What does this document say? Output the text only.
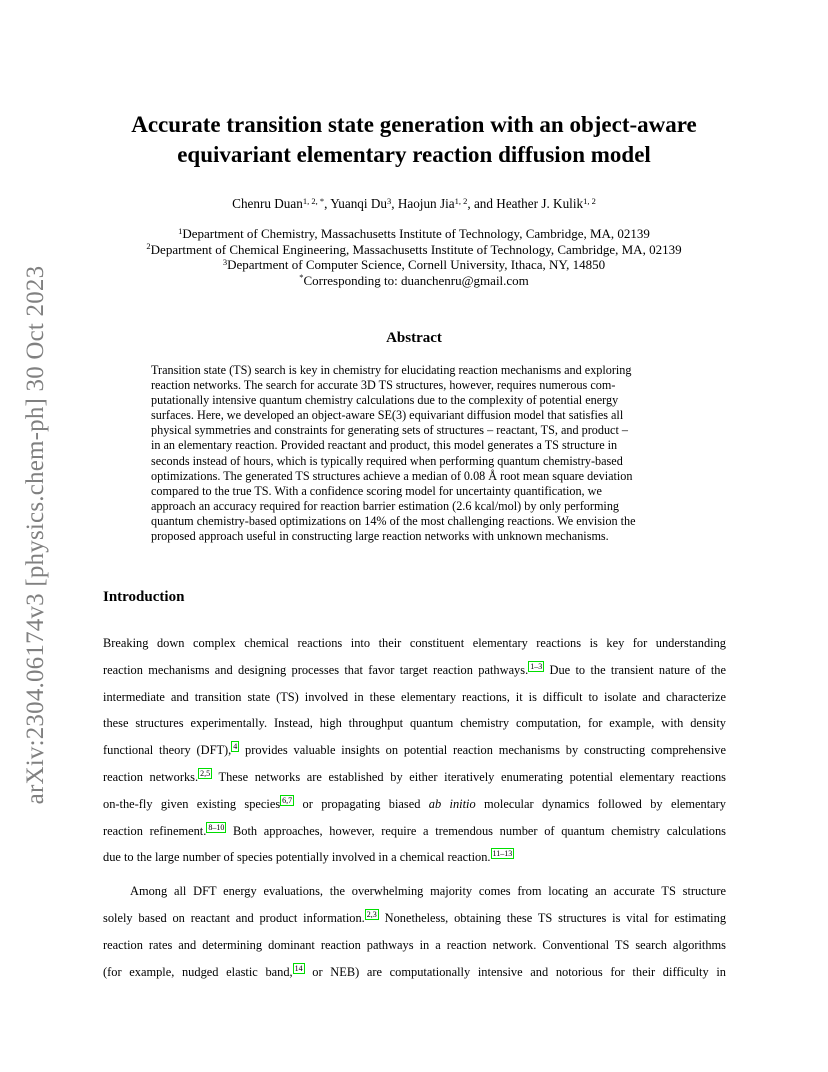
arXiv:2304.06174v3 [physics.chem-ph] 30 Oct 2023
Accurate transition state generation with an object-aware
equivariant elementary reaction diffusion model
Chenru Duan$^{1, 2, *}$, Yuanqi Du$^3$, Haojun Jia$^{1, 2}$, and Heather J. Kulik$^{1, 2}$
$^1$Department of Chemistry, Massachusetts Institute of Technology, Cambridge, MA, 02139
$^2$Department of Chemical Engineering, Massachusetts Institute of Technology, Cambridge, MA, 02139
$^3$Department of Computer Science, Cornell University, Ithaca, NY, 14850
*Corresponding to: duanchenru@gmail.com
Abstract
Transition state (TS) search is key in chemistry for elucidating reaction mechanisms and exploring
reaction networks. The search for accurate 3D TS structures, however, requires numerous com-
putationally intensive quantum chemistry calculations due to the complexity of potential energy
surfaces. Here, we developed an object-aware SE(3) equivariant diffusion model that satisfies all
physical symmetries and constraints for generating sets of structures – reactant, TS, and product –
in an elementary reaction. Provided reactant and product, this model generates a TS structure in
seconds instead of hours, which is typically required when performing quantum chemistry-based
optimizations. The generated TS structures achieve a median of 0.08 Å root mean square deviation
compared to the true TS. With a confidence scoring model for uncertainty quantification, we
approach an accuracy required for reaction barrier estimation (2.6 kcal/mol) by only performing
quantum chemistry-based optimizations on 14% of the most challenging reactions. We envision the
proposed approach useful in constructing large reaction networks with unknown mechanisms.
Introduction
Breaking down complex chemical reactions into their constituent elementary reactions is key for understanding
reaction mechanisms and designing processes that favor target reaction pathways. 1–3 Due to the transient nature of the
intermediate and transition state (TS) involved in these elementary reactions, it is difficult to isolate and characterize
these structures experimentally. Instead, high throughput quantum chemistry computation, for example, with density
functional theory (DFT), 4 provides valuable insights on potential reaction mechanisms by constructing comprehensive
reaction networks. 2,5 These networks are established by either iteratively enumerating potential elementary reactions
on-the-fly given existing species 6,7 or propagating biased ab initio molecular dynamics followed by elementary
reaction refinement. 8–10 Both approaches, however, require a tremendous number of quantum chemistry calculations
due to the large number of species potentially involved in a chemical reaction. 11–13
Among all DFT energy evaluations, the overwhelming majority comes from locating an accurate TS structure
solely based on reactant and product information. 2,3 Nonetheless, obtaining these TS structures is vital for estimating
reaction rates and determining dominant reaction pathways in a reaction network. Conventional TS search algorithms
(for example, nudged elastic band, 14 or NEB) are computationally intensive and notorious for their difficulty in
